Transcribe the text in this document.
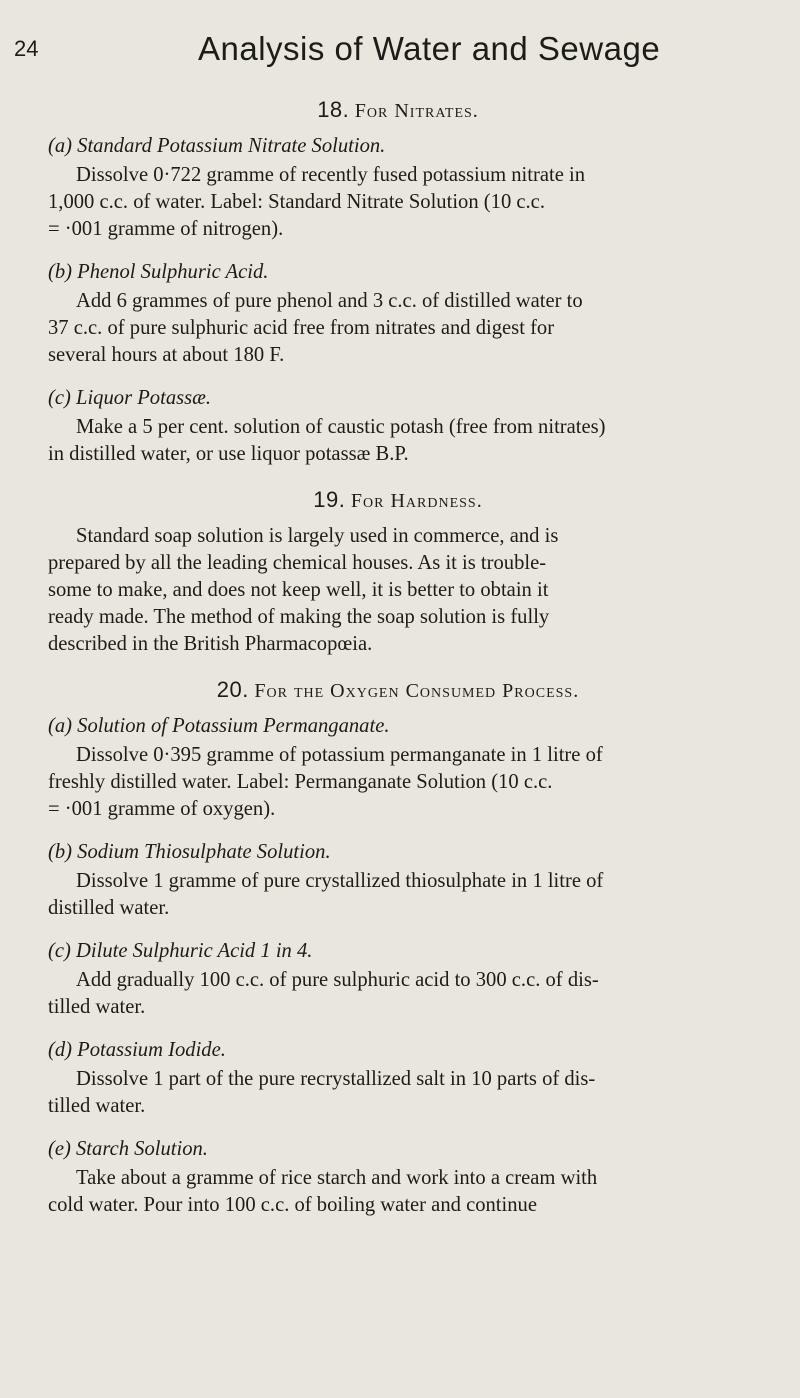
24	Analysis of Water and Sewage

18. For Nitrates.

(a) Standard Potassium Nitrate Solution.

Dissolve 0·722 gramme of recently fused potassium nitrate in
1,000 c.c. of water. Label: Standard Nitrate Solution (10 c.c.
= ·001 gramme of nitrogen).

(b) Phenol Sulphuric Acid.

Add 6 grammes of pure phenol and 3 c.c. of distilled water to
37 c.c. of pure sulphuric acid free from nitrates and digest for
several hours at about 180 F.

(c) Liquor Potassæ.

Make a 5 per cent. solution of caustic potash (free from nitrates)
in distilled water, or use liquor potassæ B.P.

19. For Hardness.

Standard soap solution is largely used in commerce, and is
prepared by all the leading chemical houses. As it is trouble-
some to make, and does not keep well, it is better to obtain it
ready made. The method of making the soap solution is fully
described in the British Pharmacopœia.

20. For the Oxygen Consumed Process.

(a) Solution of Potassium Permanganate.

Dissolve 0·395 gramme of potassium permanganate in 1 litre of
freshly distilled water. Label: Permanganate Solution (10 c.c.
= ·001 gramme of oxygen).

(b) Sodium Thiosulphate Solution.

Dissolve 1 gramme of pure crystallized thiosulphate in 1 litre of
distilled water.

(c) Dilute Sulphuric Acid 1 in 4.

Add gradually 100 c.c. of pure sulphuric acid to 300 c.c. of dis-
tilled water.

(d) Potassium Iodide.

Dissolve 1 part of the pure recrystallized salt in 10 parts of dis-
tilled water.

(e) Starch Solution.

Take about a gramme of rice starch and work into a cream with
cold water. Pour into 100 c.c. of boiling water and continue
